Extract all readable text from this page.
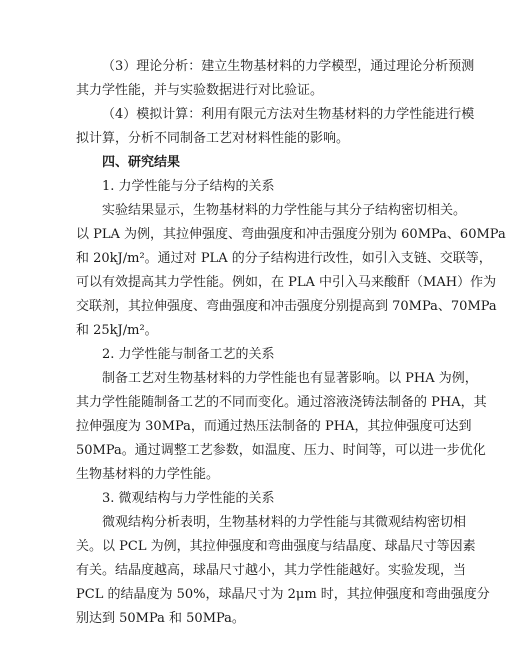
（3）理论分析：建立生物基材料的力学模型，通过理论分析预测
其力学性能，并与实验数据进行对比验证。
（4）模拟计算：利用有限元方法对生物基材料的力学性能进行模
拟计算，分析不同制备工艺对材料性能的影响。
四、研究结果
1. 力学性能与分子结构的关系
实验结果显示，生物基材料的力学性能与其分子结构密切相关。
以 PLA 为例，其拉伸强度、弯曲强度和冲击强度分别为 60MPa、60MPa
和 20kJ/m²。通过对 PLA 的分子结构进行改性，如引入支链、交联等，
可以有效提高其力学性能。例如，在 PLA 中引入马来酸酐（MAH）作为
交联剂，其拉伸强度、弯曲强度和冲击强度分别提高到 70MPa、70MPa
和 25kJ/m²。
2. 力学性能与制备工艺的关系
制备工艺对生物基材料的力学性能也有显著影响。以 PHA 为例，
其力学性能随制备工艺的不同而变化。通过溶液浇铸法制备的 PHA，其
拉伸强度为 30MPa，而通过热压法制备的 PHA，其拉伸强度可达到
50MPa。通过调整工艺参数，如温度、压力、时间等，可以进一步优化
生物基材料的力学性能。
3. 微观结构与力学性能的关系
微观结构分析表明，生物基材料的力学性能与其微观结构密切相
关。以 PCL 为例，其拉伸强度和弯曲强度与结晶度、球晶尺寸等因素
有关。结晶度越高，球晶尺寸越小，其力学性能越好。实验发现，当
PCL 的结晶度为 50%，球晶尺寸为 2μm 时，其拉伸强度和弯曲强度分
别达到 50MPa 和 50MPa。
